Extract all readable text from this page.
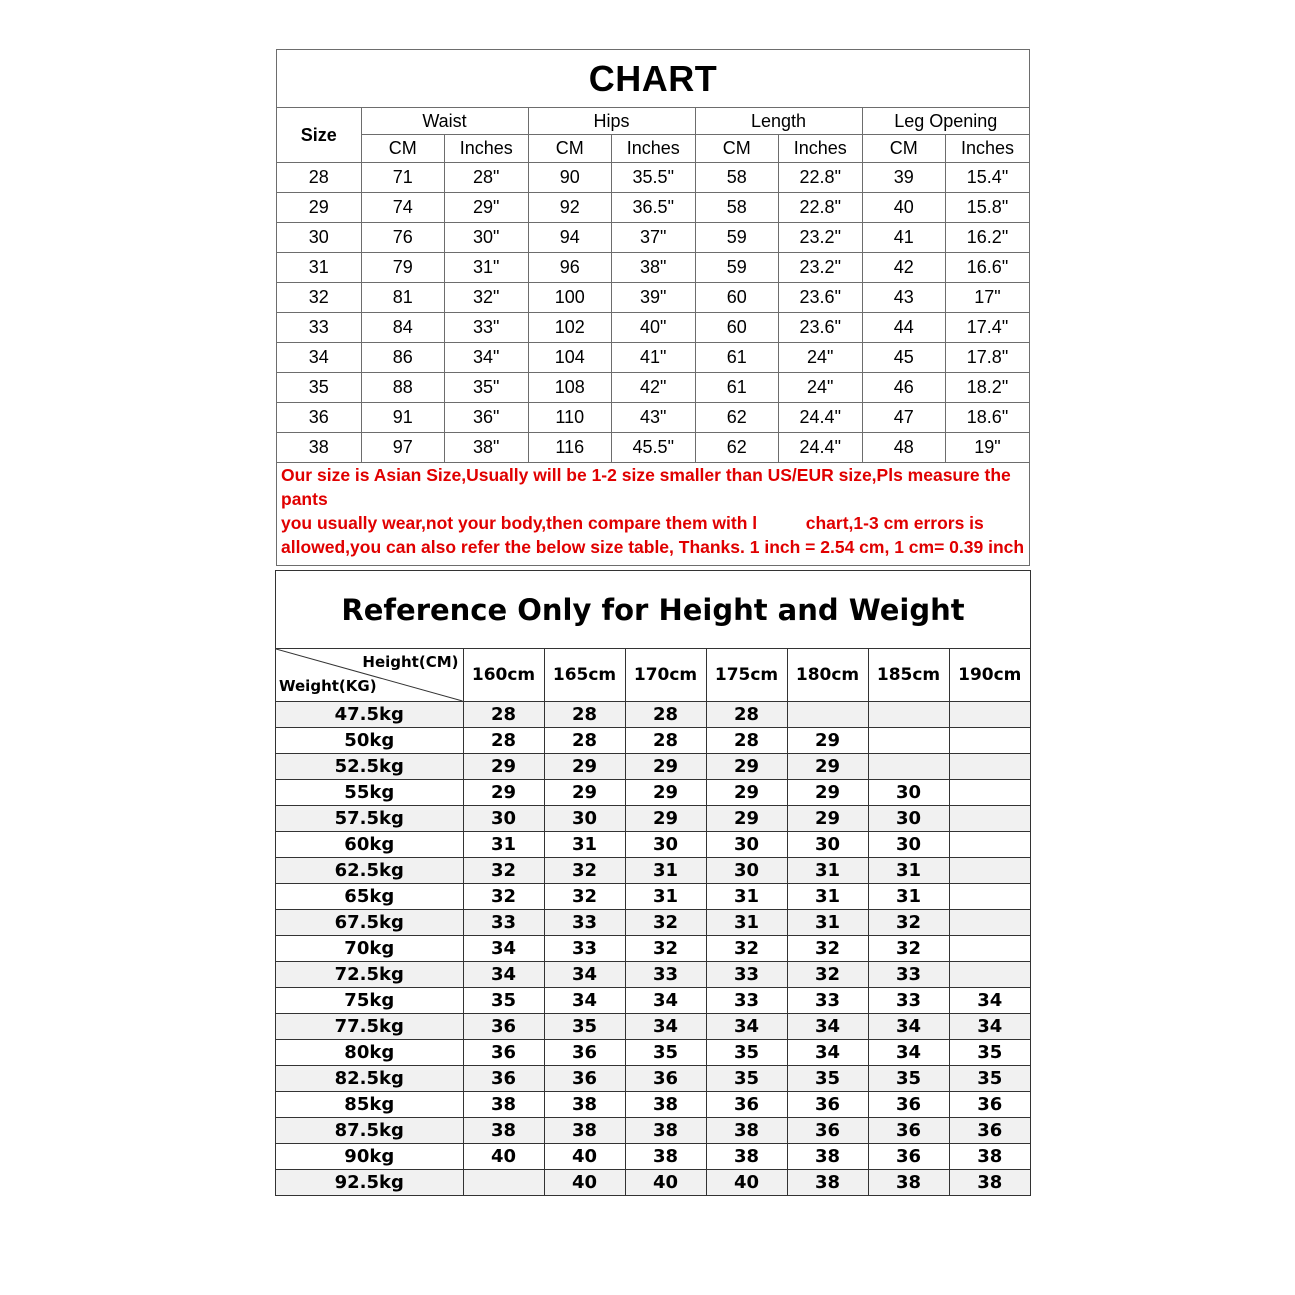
CHART								
Size	Waist		Hips		Length		Leg Opening	
	CM	Inches	CM	Inches	CM	Inches	CM	Inches
28	71	28"	90	35.5"	58	22.8"	39	15.4"
29	74	29"	92	36.5"	58	22.8"	40	15.8"
30	76	30"	94	37"	59	23.2"	41	16.2"
31	79	31"	96	38"	59	23.2"	42	16.6"
32	81	32"	100	39"	60	23.6"	43	17"
33	84	33"	102	40"	60	23.6"	44	17.4"
34	86	34"	104	41"	61	24"	45	17.8"
35	88	35"	108	42"	61	24"	46	18.2"
36	91	36"	110	43"	62	24.4"	47	18.6"
38	97	38"	116	45.5"	62	24.4"	48	19"
Our size is Asian Size,Usually will be 1-2 size smaller than US/EUR size,Pls measure the pants
you usually wear,not your body,then compare them with l          chart,1-3 cm errors is
allowed,you can also refer the below size table, Thanks. 1 inch = 2.54 cm, 1 cm= 0.39 inch
Reference Only for Height and Weight							

Height(CM)
Weight(KG)	160cm	165cm	170cm	175cm	180cm	185cm	190cm
47.5kg	28	28	28	28			
50kg	28	28	28	28	29		
52.5kg	29	29	29	29	29		
55kg	29	29	29	29	29	30	
57.5kg	30	30	29	29	29	30	
60kg	31	31	30	30	30	30	
62.5kg	32	32	31	30	31	31	
65kg	32	32	31	31	31	31	
67.5kg	33	33	32	31	31	32	
70kg	34	33	32	32	32	32	
72.5kg	34	34	33	33	32	33	
75kg	35	34	34	33	33	33	34
77.5kg	36	35	34	34	34	34	34
80kg	36	36	35	35	34	34	35
82.5kg	36	36	36	35	35	35	35
85kg	38	38	38	36	36	36	36
87.5kg	38	38	38	38	36	36	36
90kg	40	40	38	38	38	36	38
92.5kg		40	40	40	38	38	38
